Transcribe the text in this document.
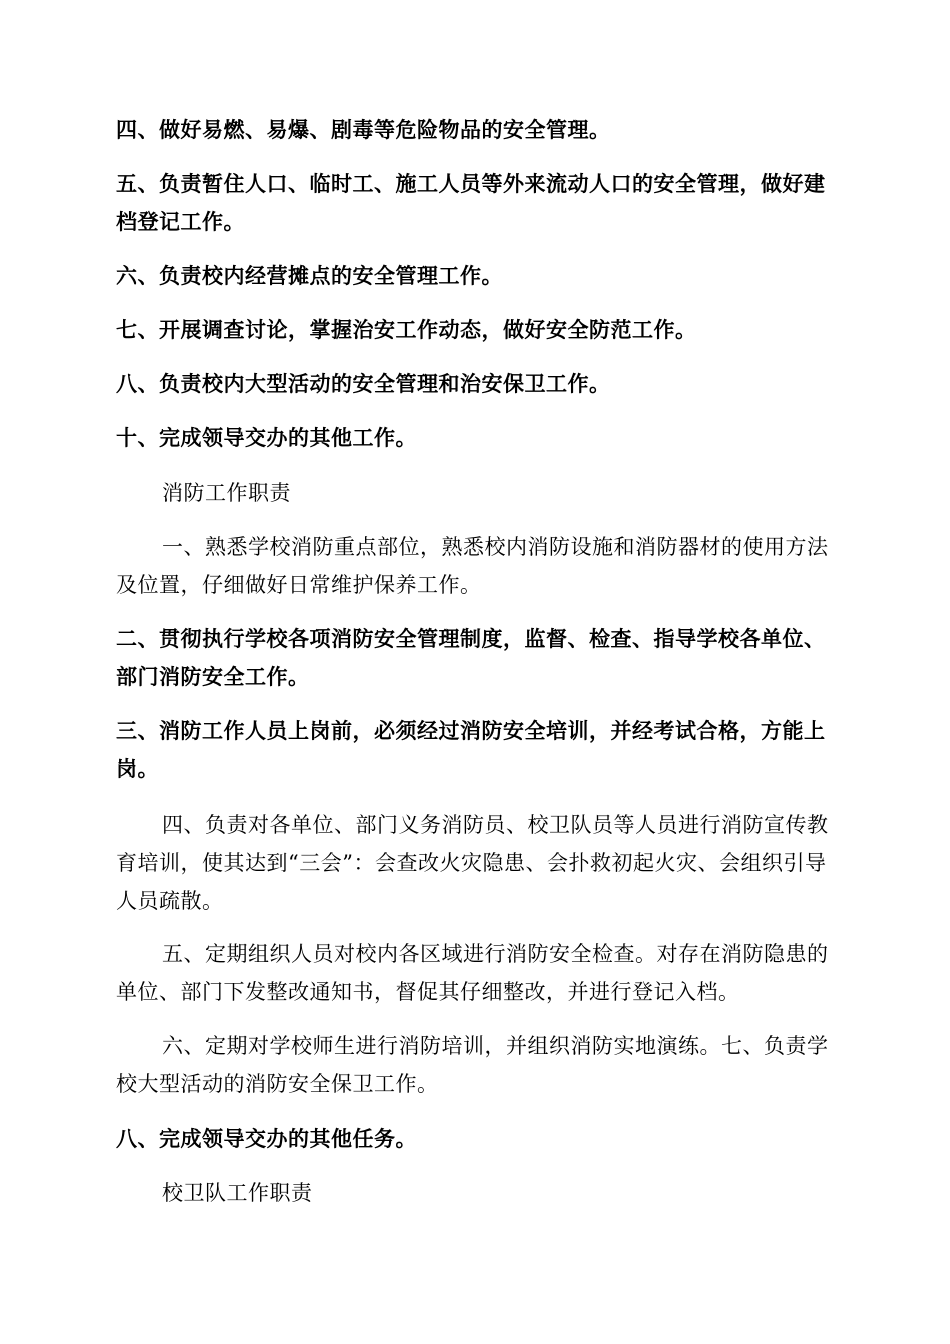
四、做好易燃、易爆、剧毒等危险物品的安全管理。

五、负责暂住人口、临时工、施工人员等外来流动人口的安全管理，做好建档登记工作。

六、负责校内经营摊点的安全管理工作。

七、开展调查讨论，掌握治安工作动态，做好安全防范工作。

八、负责校内大型活动的安全管理和治安保卫工作。

十、完成领导交办的其他工作。

消防工作职责

一、熟悉学校消防重点部位，熟悉校内消防设施和消防器材的使用方法及位置，仔细做好日常维护保养工作。

二、贯彻执行学校各项消防安全管理制度，监督、检查、指导学校各单位、部门消防安全工作。

三、消防工作人员上岗前，必须经过消防安全培训，并经考试合格，方能上岗。

四、负责对各单位、部门义务消防员、校卫队员等人员进行消防宣传教育培训，使其达到“三会”：会查改火灾隐患、会扑救初起火灾、会组织引导人员疏散。

五、定期组织人员对校内各区域进行消防安全检查。对存在消防隐患的单位、部门下发整改通知书，督促其仔细整改，并进行登记入档。

六、定期对学校师生进行消防培训，并组织消防实地演练。七、负责学校大型活动的消防安全保卫工作。

八、完成领导交办的其他任务。

校卫队工作职责
